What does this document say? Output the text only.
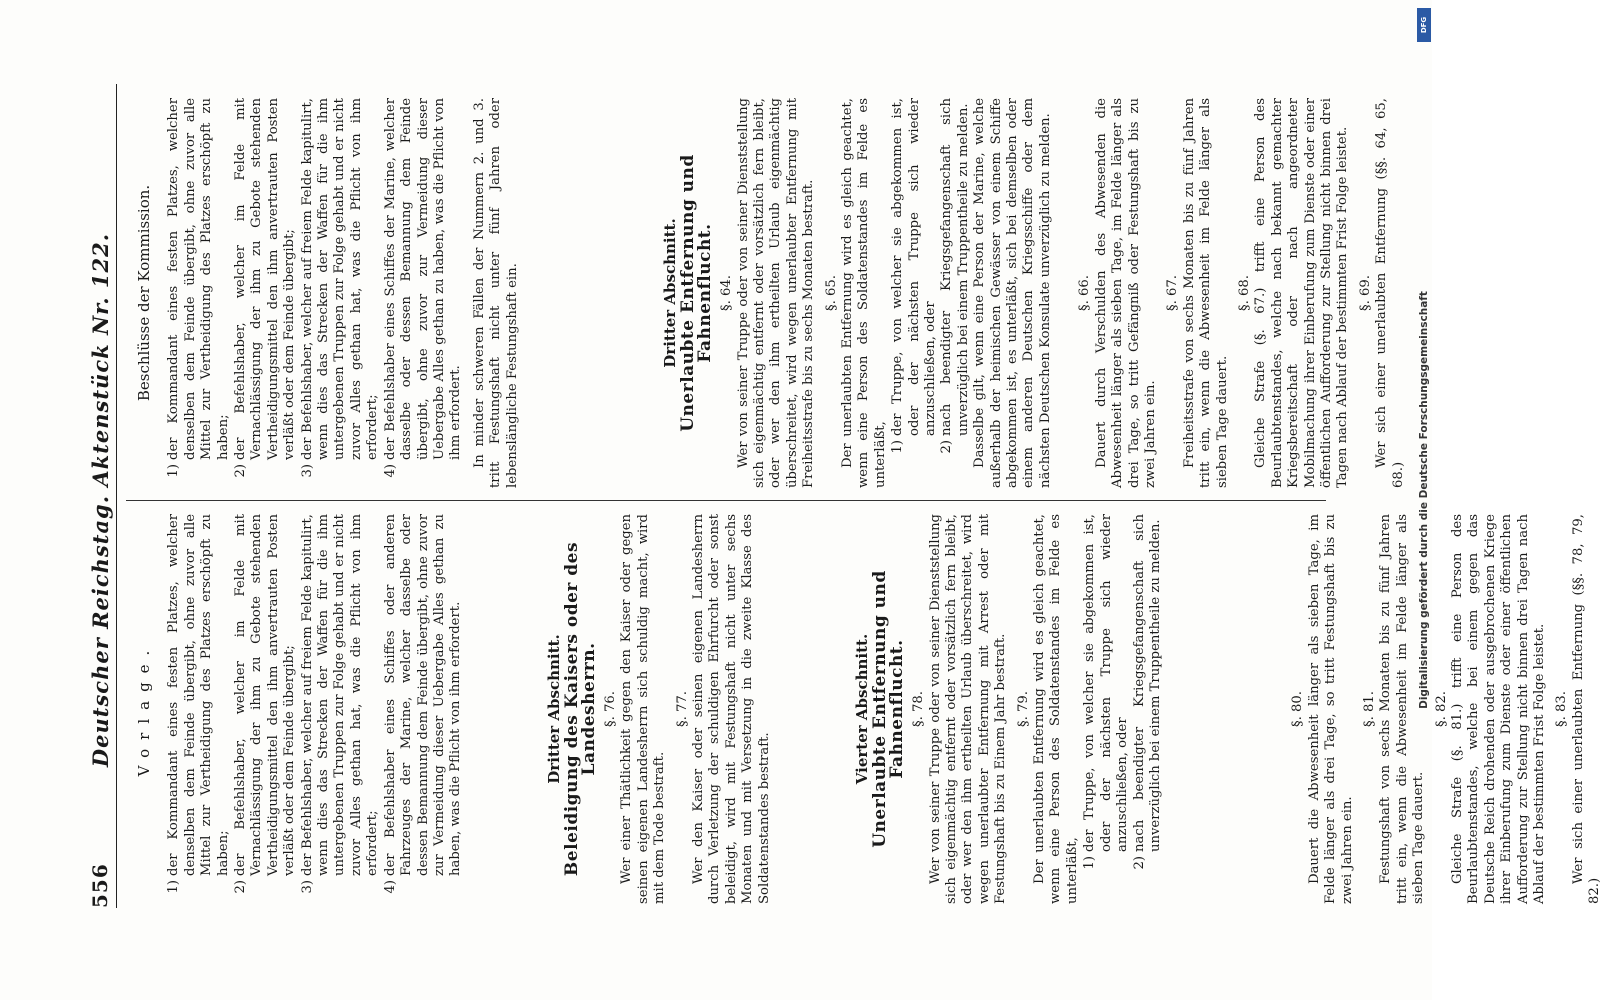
Deutscher Reichstag. Aktenstück Nr. 122.
556
Vorlage.
1)
der Kommandant eines festen Platzes, welcher denselben dem Feinde übergibt, ohne zuvor alle Mittel zur Vertheidigung des Platzes erschöpft zu haben;
2)
der Befehlshaber, welcher im Felde mit Vernachlässigung der ihm zu Gebote stehenden Vertheidigungsmittel den ihm anvertrauten Posten verläßt oder dem Feinde übergibt;
3)
der Befehlshaber, welcher auf freiem Felde kapitulirt, wenn dies das Strecken der Waffen für die ihm untergebenen Truppen zur Folge gehabt und er nicht zuvor Alles gethan hat, was die Pflicht von ihm erfordert;
4)
der Befehlshaber eines Schiffes oder anderen Fahrzeuges der Marine, welcher dasselbe oder dessen Bemannung dem Feinde übergibt, ohne zuvor zur Vermeidung dieser Uebergabe Alles gethan zu haben, was die Pflicht von ihm erfordert.	Dritter Abschnitt. Beleidigung des Kaisers oder des Landesherrn. §. 76. Wer einer Thätlichkeit gegen den Kaiser oder gegen seinen eigenen Landesherrn sich schuldig macht, wird mit dem Tode bestraft.
§. 77. Wer den Kaiser oder seinen eigenen Landesherrn durch Verletzung der schuldigen Ehrfurcht oder sonst beleidigt, wird mit Festungshaft nicht unter sechs Monaten und mit Versetzung in die zweite Klasse des Soldatenstandes bestraft.
Vierter Abschnitt. Unerlaubte Entfernung und Fahnenflucht. §. 78. Wer von seiner Truppe oder von seiner Dienststellung sich eigenmächtig entfernt oder vorsätzlich fern bleibt, oder wer den ihm ertheilten Urlaub überschreitet, wird wegen unerlaubter Entfernung mit Arrest oder mit Festungshaft bis zu Einem Jahr bestraft. §. 79. Der unerlaubten Entfernung wird es gleich geachtet, wenn eine Person des Soldatenstandes im Felde es unterläßt, 1)
der Truppe, von welcher sie abgekommen ist, oder der nächsten Truppe sich wieder anzuschließen, oder
2)
nach beendigter Kriegsgefangenschaft sich unverzüglich bei einem Truppentheile zu melden.	§. 80. Dauert die Abwesenheit länger als sieben Tage, im Felde länger als drei Tage, so tritt Festungshaft bis zu zwei Jahren ein.
§. 81. Festungshaft von sechs Monaten bis zu fünf Jahren tritt ein, wenn die Abwesenheit im Felde länger als sieben Tage dauert.
§. 82. Gleiche Strafe (§. 81.) trifft eine Person des Beurlaubtenstandes, welche bei einem gegen das Deutsche Reich drohenden oder ausgebrochenen Kriege ihrer Einberufung zum Dienste oder einer öffentlichen Aufforderung zur Stellung nicht binnen drei Tagen nach Ablauf der bestimmten Frist Folge leistet. §. 83. Wer sich einer unerlaubten Entfernung (§§. 78, 79, 82.)
Beschlüsse der Kommission.
1)
der Kommandant eines festen Platzes, welcher denselben dem Feinde übergibt, ohne zuvor alle Mittel zur Vertheidigung des Platzes erschöpft zu haben;
2)
der Befehlshaber, welcher im Felde mit Vernachlässigung der ihm zu Gebote stehenden Vertheidigungsmittel den ihm anvertrauten Posten verläßt oder dem Feinde übergibt;
3)
der Befehlshaber, welcher auf freiem Felde kapitulirt, wenn dies das Strecken der Waffen für die ihm untergebenen Truppen zur Folge gehabt und er nicht zuvor Alles gethan hat, was die Pflicht von ihm erfordert;
4)
der Befehlshaber eines Schiffes der Marine, welcher dasselbe oder dessen Bemannung dem Feinde übergibt, ohne zuvor zur Vermeidung dieser Uebergabe Alles gethan zu haben, was die Pflicht von ihm erfordert. In minder schweren Fällen der Nummern 2. und 3. tritt Festungshaft nicht unter fünf Jahren oder lebenslängliche Festungshaft ein.	Dritter Abschnitt. Unerlaubte Entfernung und Fahnenflucht. §. 64. Wer von seiner Truppe oder von seiner Dienststellung sich eigenmächtig entfernt oder vorsätzlich fern bleibt, oder wer den ihm ertheilten Urlaub eigenmächtig überschreitet, wird wegen unerlaubter Entfernung mit Freiheitsstrafe bis zu sechs Monaten bestraft. §. 65. Der unerlaubten Entfernung wird es gleich geachtet, wenn eine Person des Soldatenstandes im Felde es unterläßt, 1)
der Truppe, von welcher sie abgekommen ist, oder der nächsten Truppe sich wieder anzuschließen, oder
2)
nach beendigter Kriegsgefangenschaft sich unverzüglich bei einem Truppentheile zu melden. Dasselbe gilt, wenn eine Person der Marine, welche außerhalb der heimischen Gewässer von einem Schiffe abgekommen ist, es unterläßt, sich bei demselben oder einem anderen Deutschen Kriegsschiffe oder dem nächsten Deutschen Konsulate unverzüglich zu melden. §. 66. Dauert durch Verschulden des Abwesenden die Abwesenheit länger als sieben Tage, im Felde länger als drei Tage, so tritt Gefängniß oder Festungshaft bis zu zwei Jahren ein.
§. 67. Freiheitsstrafe von sechs Monaten bis zu fünf Jahren tritt ein, wenn die Abwesenheit im Felde länger als sieben Tage dauert.
§. 68. Gleiche Strafe (§. 67.) trifft eine Person des Beurlaubtenstandes, welche nach bekannt gemachter Kriegsbereitschaft oder nach angeordneter Mobilmachung ihrer Einberufung zum Dienste oder einer öffentlichen Aufforderung zur Stellung nicht binnen drei Tagen nach Ablauf der bestimmten Frist Folge leistet. §. 69. Wer sich einer unerlaubten Entfernung (§§. 64, 65, 68.) Digitalisierung gefördert durch die Deutsche Forschungsgemeinschaft
DFG
